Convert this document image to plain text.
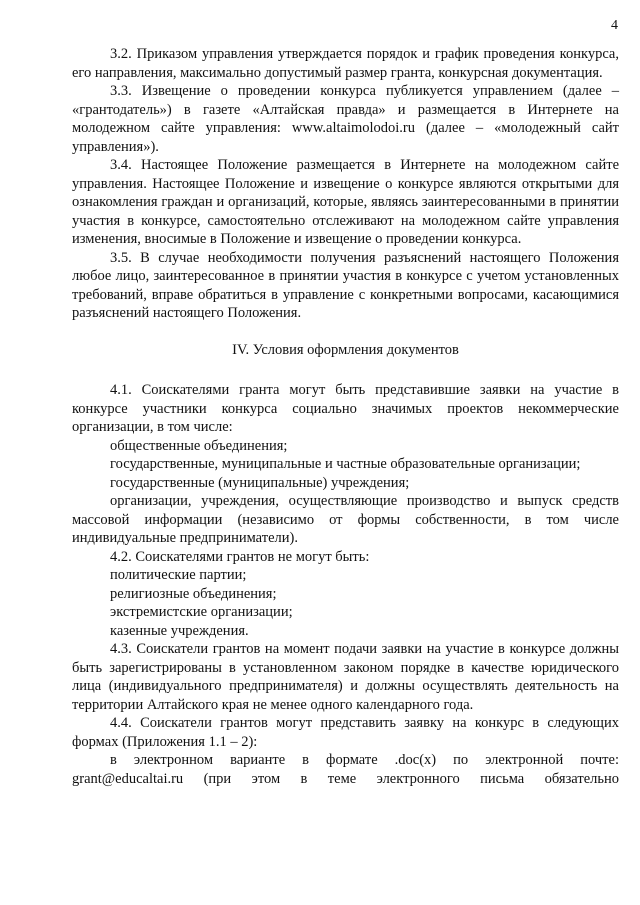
4

3.2. Приказом управления утверждается порядок и график проведения конкурса, его направления, максимально допустимый размер гранта, конкурсная документация.

3.3. Извещение о проведении конкурса публикуется управлением (далее – «грантодатель») в газете «Алтайская правда» и размещается в Интернете на молодежном сайте управления: www.altaimolodoi.ru (далее – «молодежный сайт управления»).

3.4. Настоящее Положение размещается в Интернете на молодежном сайте управления. Настоящее Положение и извещение о конкурсе являются открытыми для ознакомления граждан и организаций, которые, являясь заинтересованными в принятии участия в конкурсе, самостоятельно отслеживают на молодежном сайте управления изменения, вносимые в Положение и извещение о проведении конкурса.

3.5. В случае необходимости получения разъяснений настоящего Положения любое лицо, заинтересованное в принятии участия в конкурсе с учетом установленных требований, вправе обратиться в управление с конкретными вопросами, касающимися разъяснений настоящего Положения.

IV. Условия оформления документов

4.1. Соискателями гранта могут быть представившие заявки на участие в конкурсе участники конкурса социально значимых проектов некоммерческие организации, в том числе:

общественные объединения;

государственные, муниципальные и частные образовательные организации;

государственные (муниципальные) учреждения;

организации, учреждения, осуществляющие производство и выпуск средств массовой информации (независимо от формы собственности, в том числе индивидуальные предприниматели).

4.2. Соискателями грантов не могут быть:

политические партии;

религиозные объединения;

экстремистские организации;

казенные учреждения.

4.3. Соискатели грантов на момент подачи заявки на участие в конкурсе должны быть зарегистрированы в установленном законом порядке в качестве юридического лица (индивидуального предпринимателя) и должны осуществлять деятельность на территории Алтайского края не менее одного календарного года.

4.4. Соискатели грантов могут представить заявку на конкурс в следующих формах (Приложения 1.1 – 2):

в электронном варианте в формате .doc(x) по электронной почте: grant@educaltai.ru (при этом в теме электронного письма обязательно
